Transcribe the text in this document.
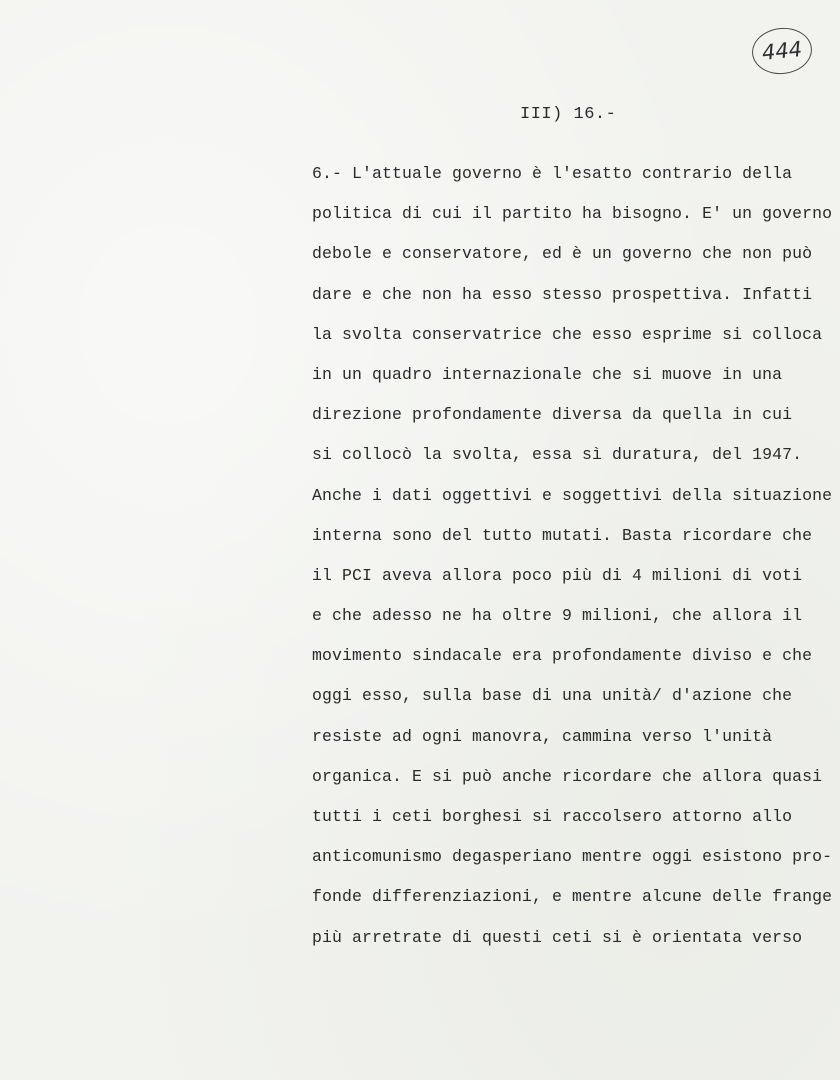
444
III) 16.-
6.- L'attuale governo è l'esatto contrario della
politica di cui il partito ha bisogno. E' un governo
debole e conservatore, ed è un governo che non può
dare e che non ha esso stesso prospettiva. Infatti
la svolta conservatrice che esso esprime si colloca
in un quadro internazionale che si muove in una
direzione profondamente diversa da quella in cui
si collocò la svolta, essa sì duratura, del 1947.
Anche i dati oggettivi e soggettivi della situazione
interna sono del tutto mutati. Basta ricordare che
il PCI aveva allora poco più di 4 milioni di voti
e che adesso ne ha oltre 9 milioni, che allora il
movimento sindacale era profondamente diviso e che
oggi esso, sulla base di una unità/ d'azione che
resiste ad ogni manovra, cammina verso l'unità
organica. E si può anche ricordare che allora quasi
tutti i ceti borghesi si raccolsero attorno allo
anticomunismo degasperiano mentre oggi esistono pro-
fonde differenziazioni, e mentre alcune delle frange
più arretrate di questi ceti si è orientata verso
